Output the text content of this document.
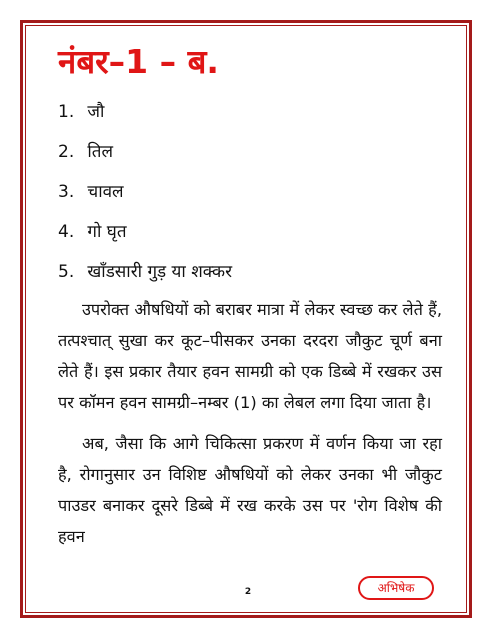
नंबर–1 – ब.
1. जौ
2. तिल
3. चावल
4. गो घृत
5. खाँडसारी गुड़ या शक्कर

उपरोक्त औषधियों को बराबर मात्रा में लेकर स्वच्छ कर लेते हैं, तत्पश्चात् सुखा कर कूट–पीसकर उनका दरदरा जौकुट चूर्ण बना लेते हैं। इस प्रकार तैयार हवन सामग्री को एक डिब्बे में रखकर उस पर कॉमन हवन सामग्री–नम्बर (1) का लेबल लगा दिया जाता है।

अब, जैसा कि आगे चिकित्सा प्रकरण में वर्णन किया जा रहा है, रोगानुसार उन विशिष्ट औषधियों को लेकर उनका भी जौकुट पाउडर बनाकर दूसरे डिब्बे में रख करके उस पर 'रोग विशेष की हवन

2	अभिषेक
